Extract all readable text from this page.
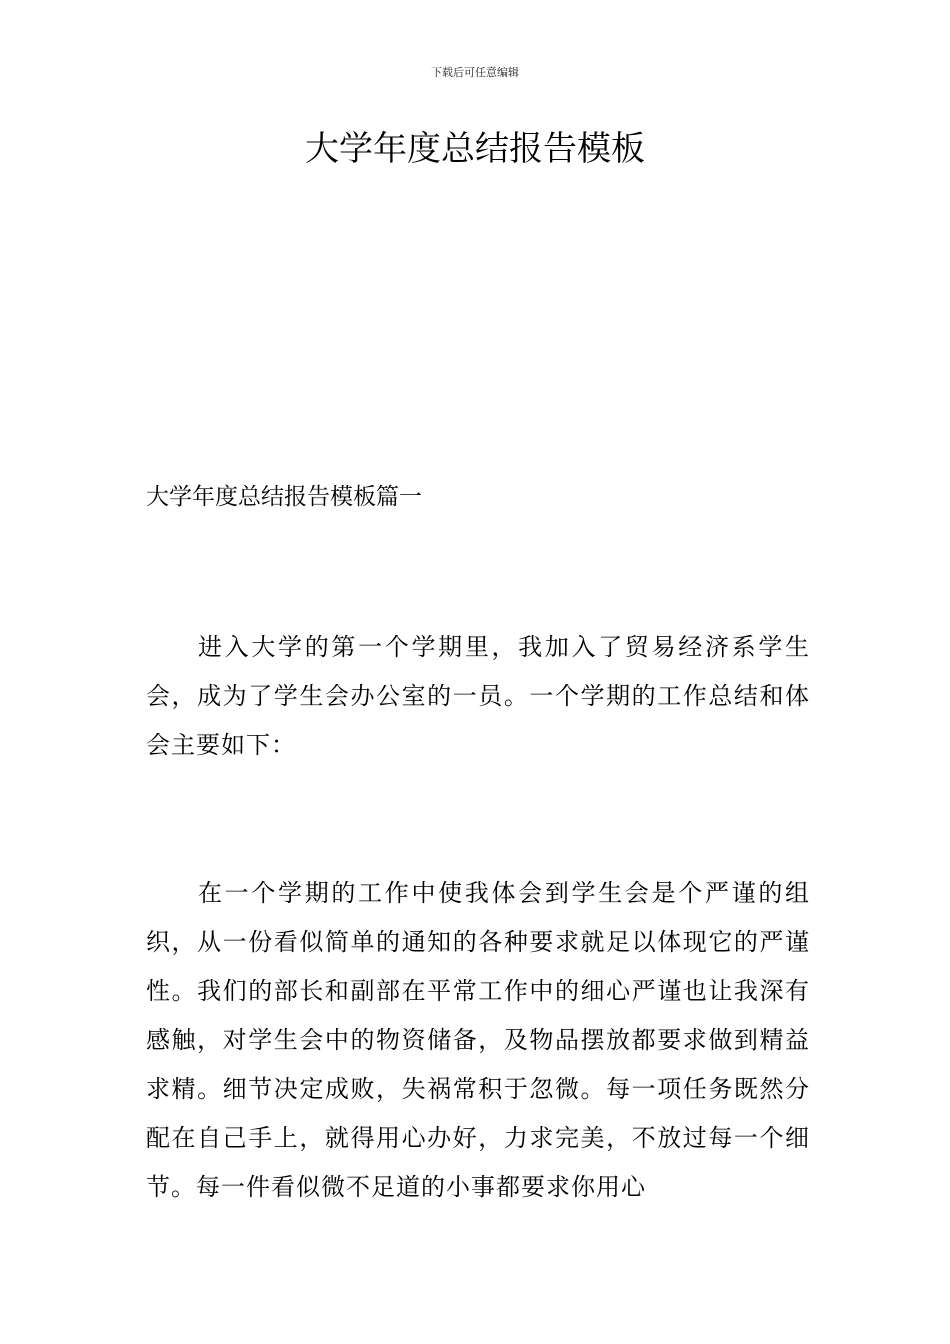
下载后可任意编辑
大学年度总结报告模板
大学年度总结报告模板篇一

进入大学的第一个学期里，我加入了贸易经济系学生会，成为了学生会办公室的一员。一个学期的工作总结和体会主要如下：

在一个学期的工作中使我体会到学生会是个严谨的组织，从一份看似简单的通知的各种要求就足以体现它的严谨性。我们的部长和副部在平常工作中的细心严谨也让我深有感触，对学生会中的物资储备，及物品摆放都要求做到精益求精。细节决定成败，失祸常积于忽微。每一项任务既然分配在自己手上，就得用心办好，力求完美，不放过每一个细节。每一件看似微不足道的小事都要求你用心
